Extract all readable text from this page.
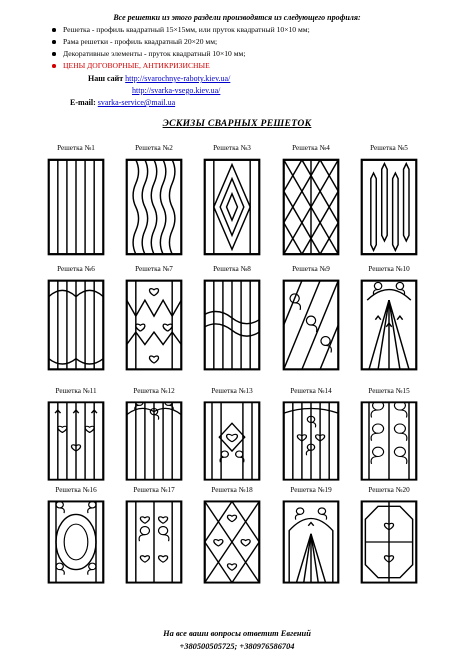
Все решетки из этого раздели производятся из следующего профиля:
Решетка - профиль квадратный 15×15мм, или пруток квадратный 10×10 мм;
Рама решетки - профиль квадратный 20×20 мм;
Декоративные элементы - пруток квадратный 10×10 мм;
ЦЕНЫ ДОГОВОРНЫЕ, АНТИКРИЗИСНЫЕ
Наш сайт http://svarochnye-raboty.kiev.ua/
http://svarka-vsego.kiev.ua/
E-mail: svarka-service@mail.ua
ЭСКИЗЫ СВАРНЫХ РЕШЕТОК
Решетка №1	Решетка №2	Решетка №3	Решетка №4	Решетка №5
Решетка №6	Решетка №7	Решетка №8	Решетка №9	Решетка №10
Решетка №11	Решетка №12	Решетка №13	Решетка №14	Решетка №15
Решетка №16	Решетка №17	Решетка №18	Решетка №19	Решетка №20
На все ваши вопросы ответит Евгений
+380500505725; +380976586704
